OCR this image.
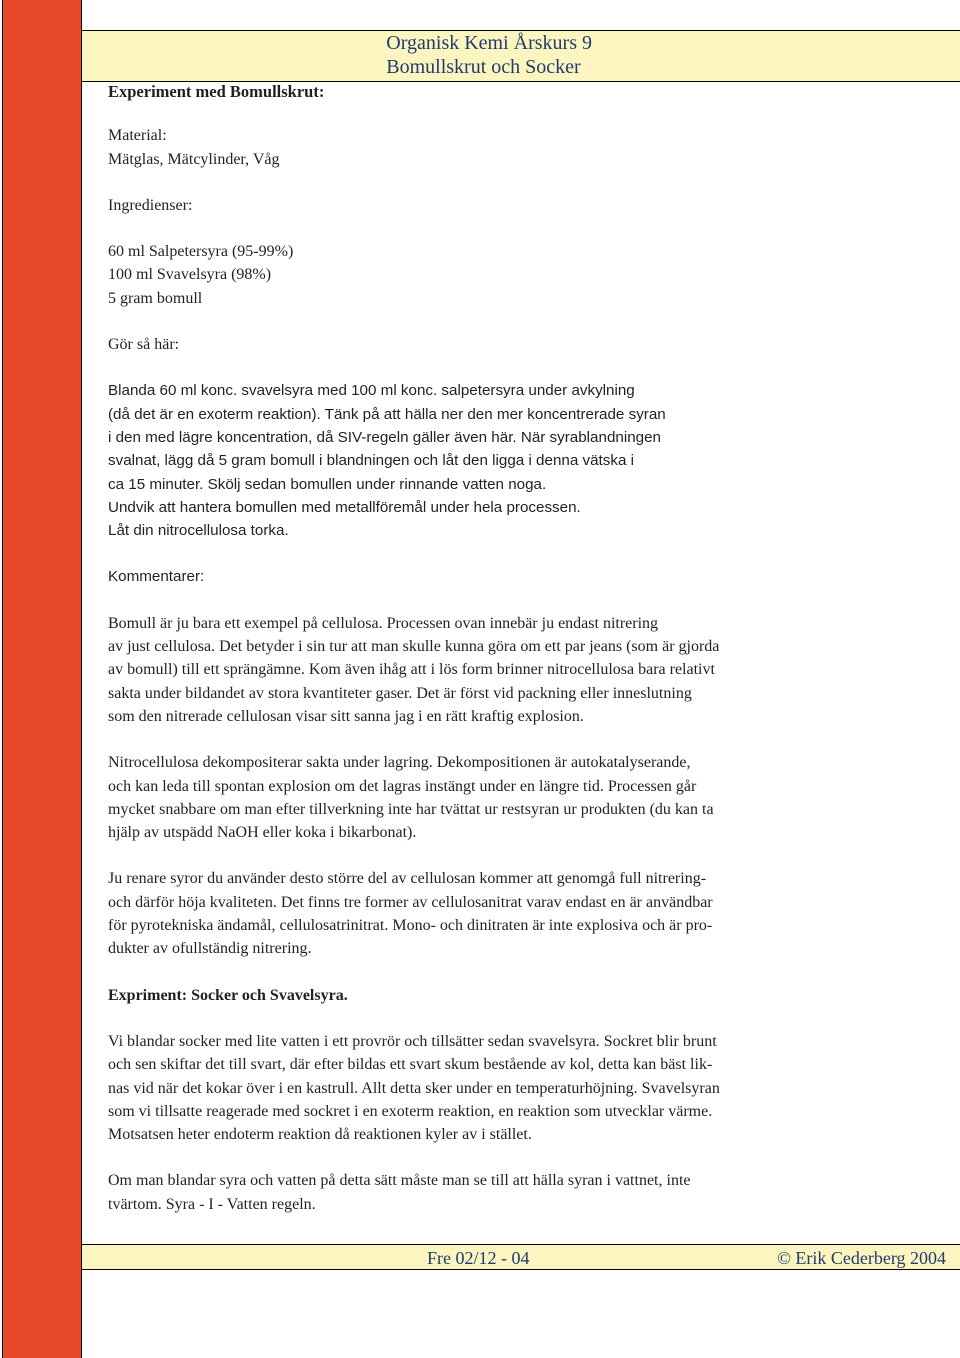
Organisk Kemi Årskurs 9
Bomullskrut och Socker

Experiment med Bomullskrut:

Material:

Mätglas, Mätcylinder, Våg

Ingredienser:

60 ml Salpetersyra (95-99%)

100 ml Svavelsyra (98%)

5 gram bomull

Gör så här:

Blanda 60 ml konc. svavelsyra med 100 ml konc. salpetersyra under avkylning

(då det är en exoterm reaktion). Tänk på att hälla ner den mer koncentrerade syran

i den med lägre koncentration, då SIV-regeln gäller även här. När syrablandningen

svalnat, lägg då 5 gram bomull i blandningen och låt den ligga i denna vätska i

ca 15 minuter. Skölj sedan bomullen under rinnande vatten noga.

Undvik att hantera bomullen med metallföremål under hela processen.

Låt din nitrocellulosa torka.

Kommentarer:

Bomull är ju bara ett exempel på cellulosa. Processen ovan innebär ju endast nitrering

av just cellulosa. Det betyder i sin tur att man skulle kunna göra om ett par jeans (som är gjorda

av bomull) till ett sprängämne. Kom även ihåg att i lös form brinner nitrocellulosa bara relativt

sakta under bildandet av stora kvantiteter gaser. Det är först vid packning eller inneslutning

som den nitrerade cellulosan visar sitt sanna jag i en rätt kraftig explosion.

Nitrocellulosa dekompositerar sakta under lagring. Dekompositionen är autokatalyserande,

och kan leda till spontan explosion om det lagras instängt under en längre tid. Processen går

mycket snabbare om man efter tillverkning inte har tvättat ur restsyran ur produkten (du kan ta

hjälp av utspädd NaOH eller koka i bikarbonat).

Ju renare syror du använder desto större del av cellulosan kommer att genomgå full nitrering-

och därför höja kvaliteten. Det finns tre former av cellulosanitrat varav endast en är användbar

för pyrotekniska ändamål, cellulosatrinitrat. Mono- och dinitraten är inte explosiva och är pro-

dukter av ofullständig nitrering.

Expriment: Socker och Svavelsyra.

Vi blandar socker med lite vatten i ett provrör och tillsätter sedan svavelsyra. Sockret blir brunt

och sen skiftar det till svart, där efter bildas ett svart skum bestående av kol, detta kan bäst lik-

nas vid när det kokar över i en kastrull. Allt detta sker under en temperaturhöjning. Svavelsyran

som vi tillsatte reagerade med sockret i en exoterm reaktion, en reaktion som utvecklar värme.

Motsatsen heter endoterm reaktion då reaktionen kyler av i stället.

Om man blandar syra och vatten på detta sätt måste man se till att hälla syran i vattnet, inte

tvärtom. Syra - I - Vatten regeln.

Fre 02/12 - 04	© Erik Cederberg 2004
